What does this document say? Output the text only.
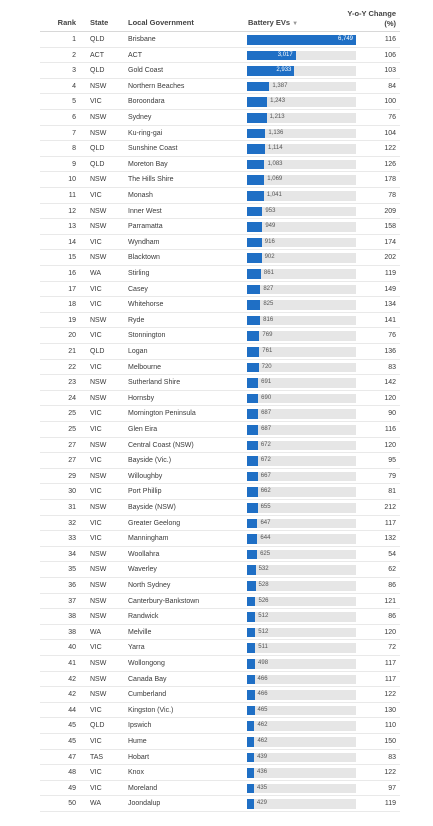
Rank State	Local Government	Battery EVs ▼
Y-o-Y Change
(%)
1 QLD	Brisbane	6,749	116
2 ACT	ACT	3,017	106
3 QLD	Gold Coast	2,933	103
4 NSW	Northern Beaches	1,387	84
5 VIC	Boroondara	1,243	100
6 NSW	Sydney	1,213	76
7 NSW	Ku-ring-gai	1,136	104
8 QLD	Sunshine Coast	1,114	122
9 QLD	Moreton Bay	1,083	126
10 NSW	The Hills Shire	1,069	178
11 VIC	Monash	1,041	78
12 NSW	Inner West	953	209
13 NSW	Parramatta	949	158
14 VIC	Wyndham	916	174
15 NSW	Blacktown	902	202
16 WA	Stirling	861	119
17 VIC	Casey	827	149
18 VIC	Whitehorse	825	134
19 NSW	Ryde	816	141
20 VIC	Stonnington	769	76
21 QLD	Logan	761	136
22 VIC	Melbourne	720	83
23 NSW	Sutherland Shire	691	142
24 NSW	Hornsby	690	120
25 VIC	Mornington Peninsula	687	90
25 VIC	Glen Eira	687	116
27 NSW	Central Coast (NSW)	672	120
27 VIC	Bayside (Vic.)	672	95
29 NSW	Willoughby	667	79
30 VIC	Port Phillip	662	81
31 NSW	Bayside (NSW)	655	212
32 VIC	Greater Geelong	647	117
33 VIC	Manningham	644	132
34 NSW	Woollahra	625	54
35 NSW	Waverley	532	62
36 NSW	North Sydney	528	86
37 NSW	Canterbury-Bankstown	526	121
38 NSW	Randwick	512	86
38 WA	Melville	512	120
40 VIC	Yarra	511	72
41 NSW	Wollongong	498	117
42 NSW	Canada Bay	466	117
42 NSW	Cumberland	466	122
44 VIC	Kingston (Vic.)	465	130
45 QLD	Ipswich	462	110
45 VIC	Hume	462	150
47 TAS	Hobart	439	83
48 VIC	Knox	436	122
49 VIC	Moreland	435	97
50 WA	Joondalup	429	119
